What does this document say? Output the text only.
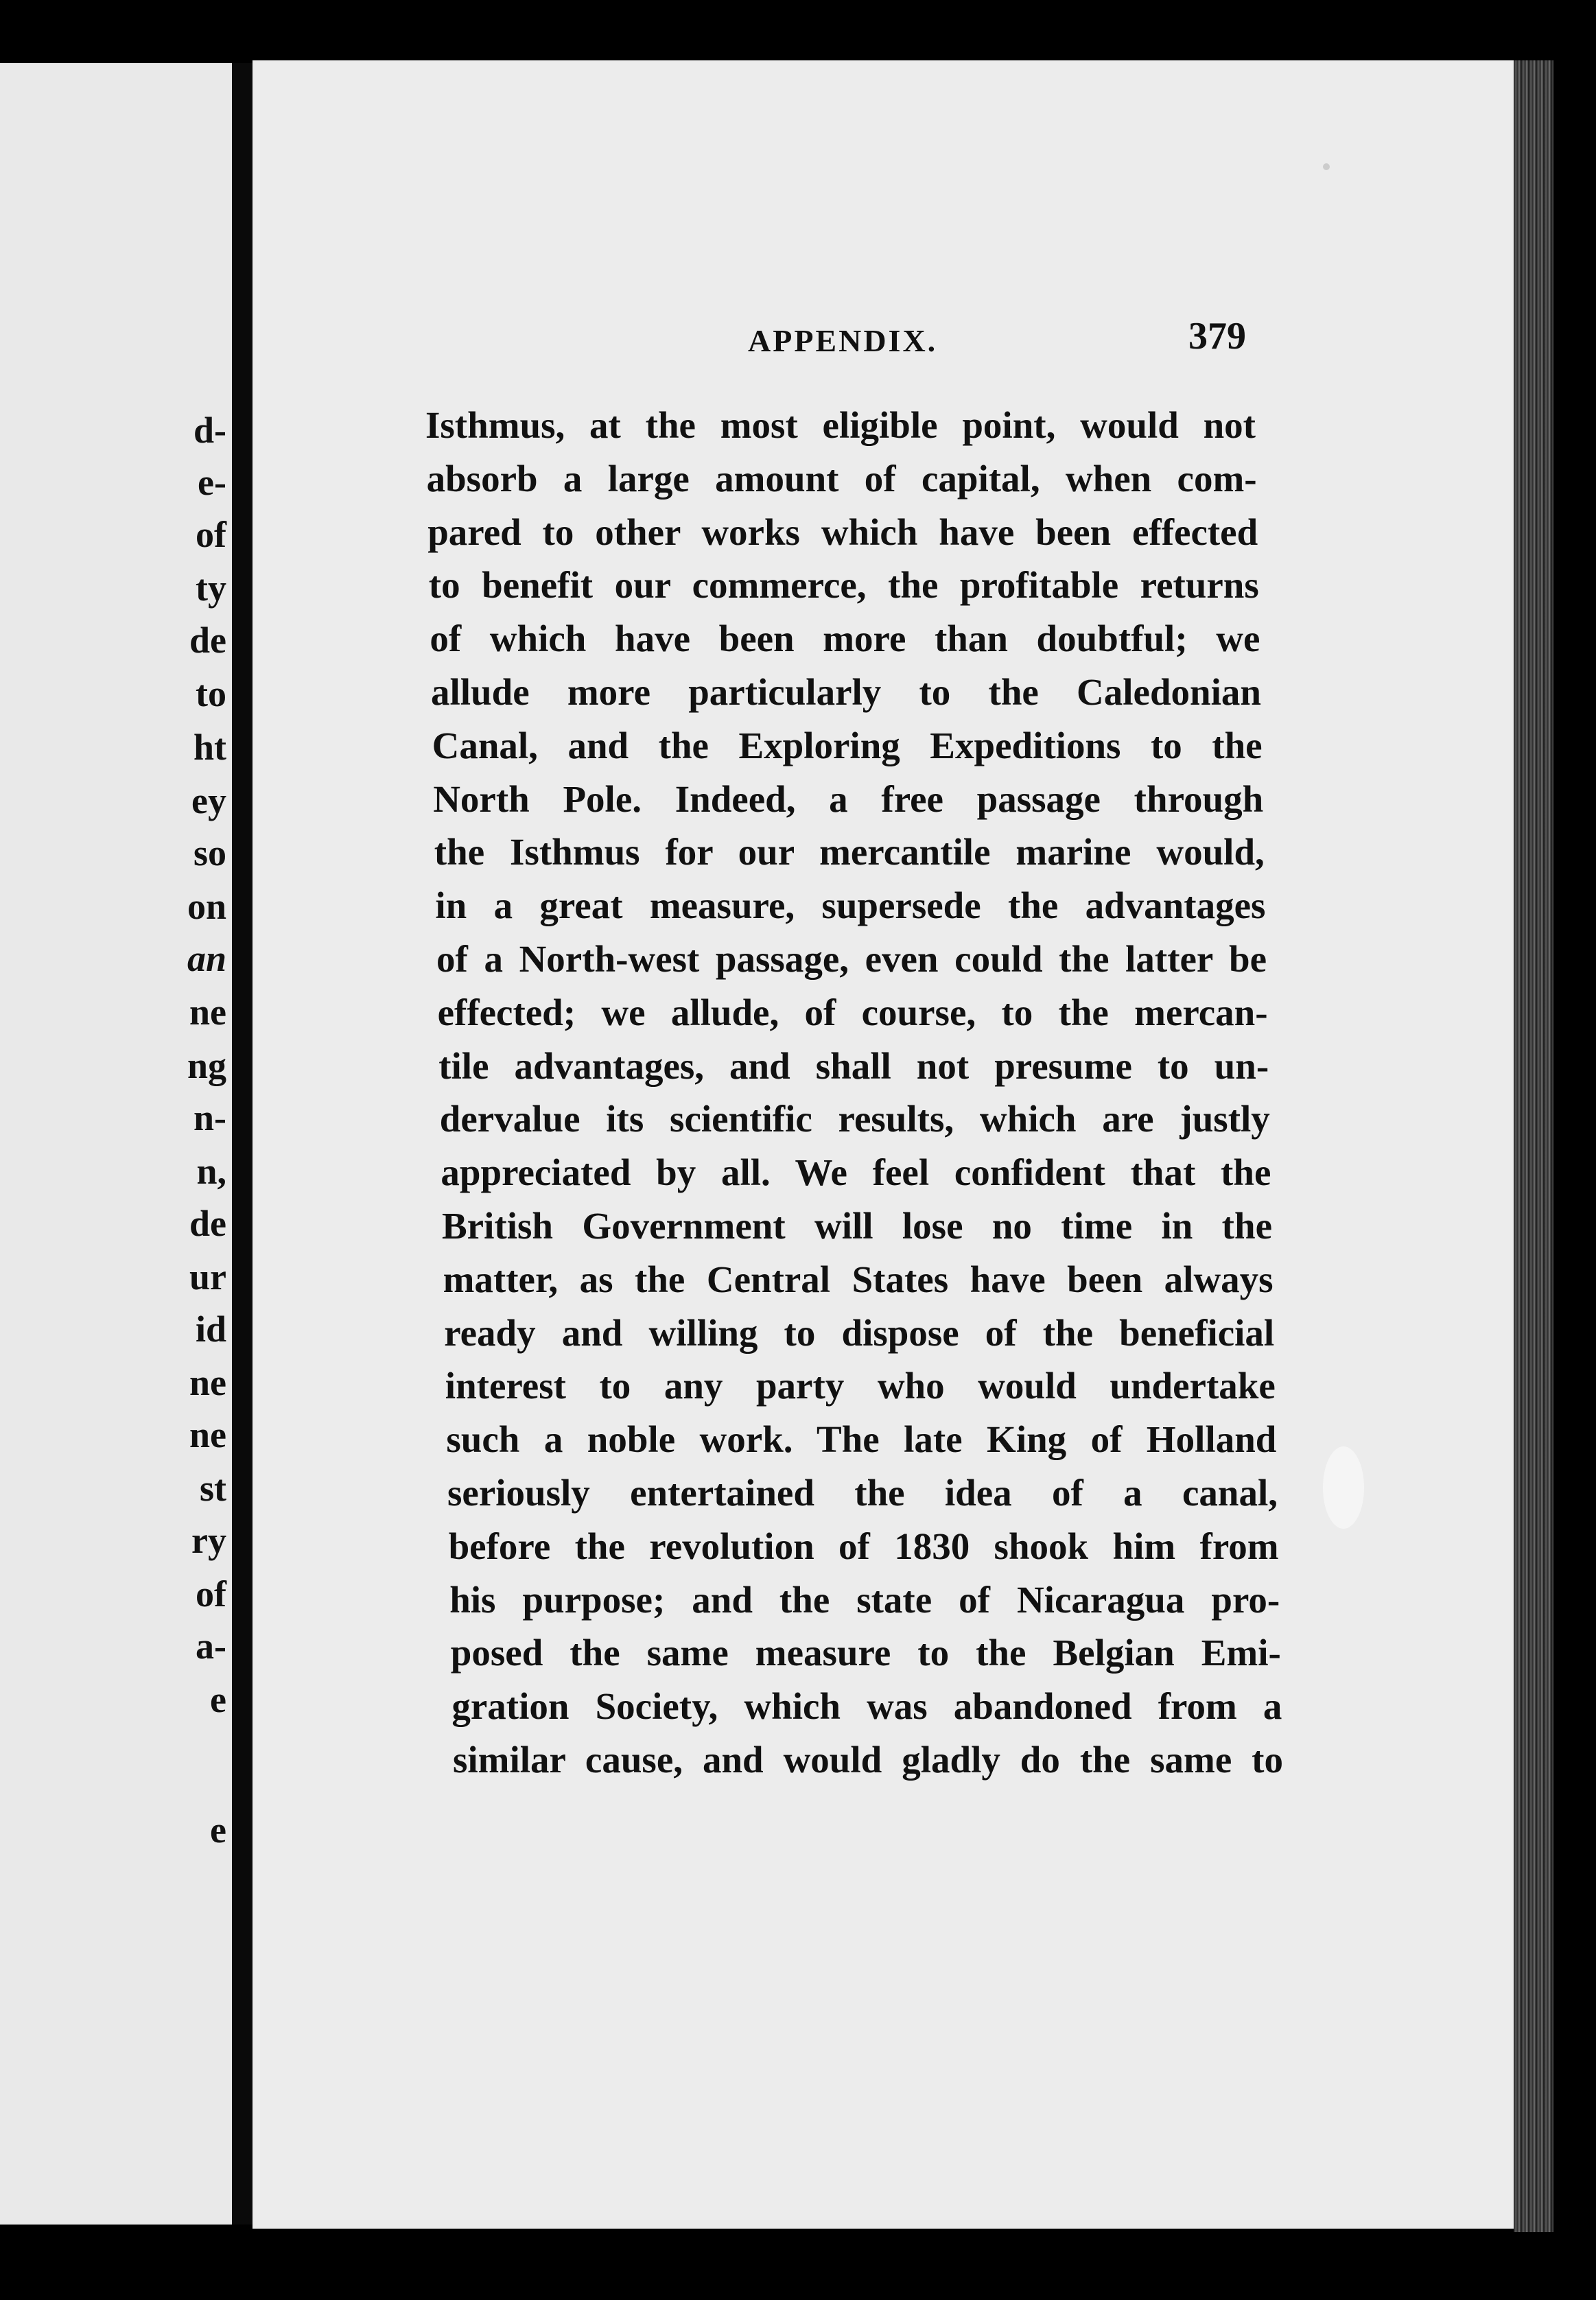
d-
e-
of
ty
de
to
ht
ey
so
on
an
ne
ng
n-
n,
de
ur
id
ne
ne
st
ry
of
a-
e
e
APPENDIX.	379
Isthmus, at the most eligible point, would not
absorb a large amount of capital, when com-
pared to other works which have been effected
to benefit our commerce, the profitable returns
of which have been more than doubtful; we
allude more particularly to the Caledonian
Canal, and the Exploring Expeditions to the
North Pole. Indeed, a free passage through
the Isthmus for our mercantile marine would,
in a great measure, supersede the advantages
of a North-west passage, even could the latter be
effected; we allude, of course, to the mercan-
tile advantages, and shall not presume to un-
dervalue its scientific results, which are justly
appreciated by all. We feel confident that the
British Government will lose no time in the
matter, as the Central States have been always
ready and willing to dispose of the beneficial
interest to any party who would undertake
such a noble work. The late King of Holland
seriously entertained the idea of a canal,
before the revolution of 1830 shook him from
his purpose; and the state of Nicaragua pro-
posed the same measure to the Belgian Emi-
gration Society, which was abandoned from a
similar cause, and would gladly do the same to
